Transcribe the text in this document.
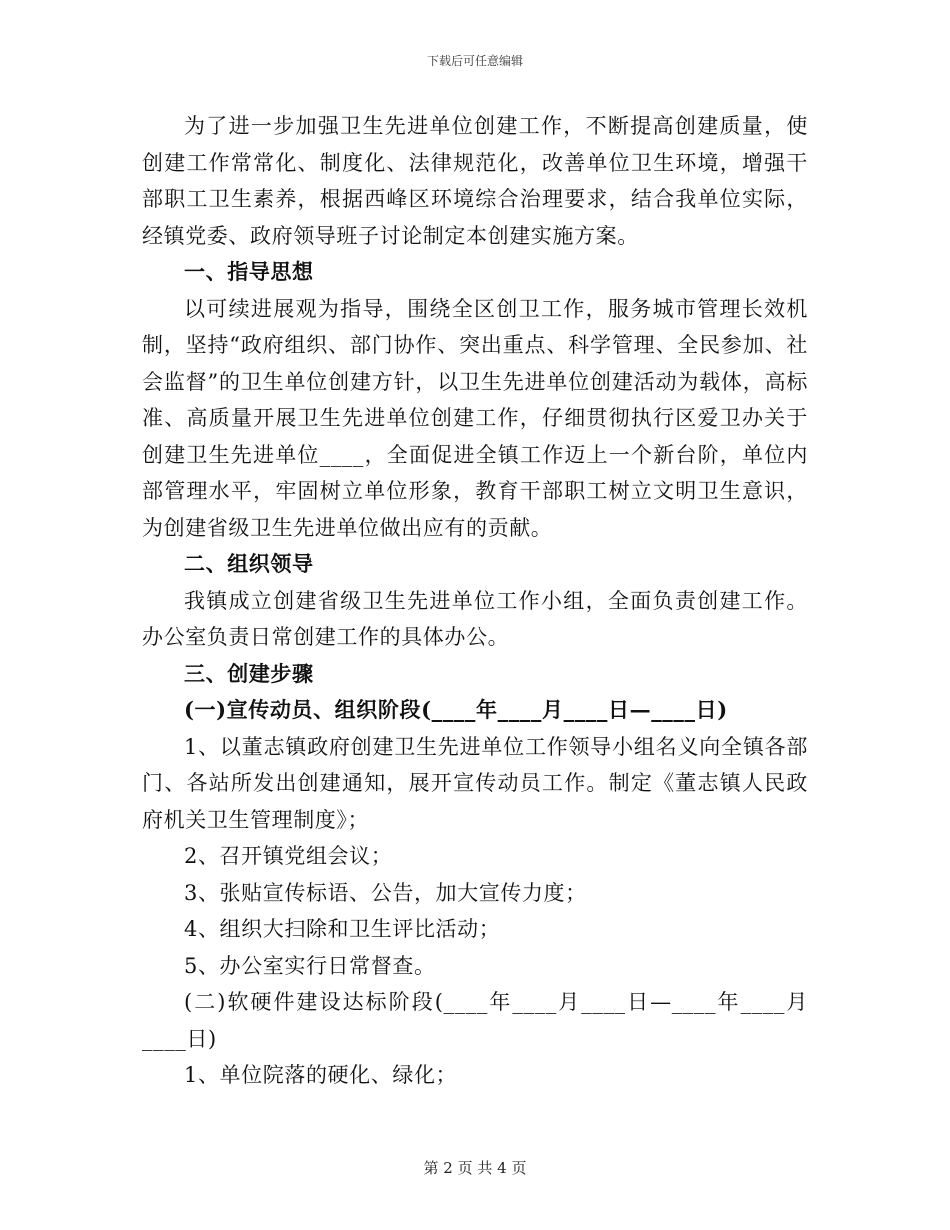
下载后可任意编辑

为了进一步加强卫生先进单位创建工作，不断提高创建质量，使创建工作常常化、制度化、法律规范化，改善单位卫生环境，增强干部职工卫生素养，根据西峰区环境综合治理要求，结合我单位实际，经镇党委、政府领导班子讨论制定本创建实施方案。

一、指导思想

以可续进展观为指导，围绕全区创卫工作，服务城市管理长效机制，坚持“政府组织、部门协作、突出重点、科学管理、全民参加、社会监督”的卫生单位创建方针，以卫生先进单位创建活动为载体，高标准、高质量开展卫生先进单位创建工作，仔细贯彻执行区爱卫办关于创建卫生先进单位____，全面促进全镇工作迈上一个新台阶，单位内部管理水平，牢固树立单位形象，教育干部职工树立文明卫生意识，为创建省级卫生先进单位做出应有的贡献。

二、组织领导

我镇成立创建省级卫生先进单位工作小组，全面负责创建工作。办公室负责日常创建工作的具体办公。

三、创建步骤

(一)宣传动员、组织阶段(____年____月____日—____日)

1、以董志镇政府创建卫生先进单位工作领导小组名义向全镇各部门、各站所发出创建通知，展开宣传动员工作。制定《董志镇人民政府机关卫生管理制度》；

2、召开镇党组会议；

3、张贴宣传标语、公告，加大宣传力度；

4、组织大扫除和卫生评比活动；

5、办公室实行日常督查。

(二)软硬件建设达标阶段(____年____月____日—____年____月____日)

1、单位院落的硬化、绿化；

第 2 页 共 4 页
